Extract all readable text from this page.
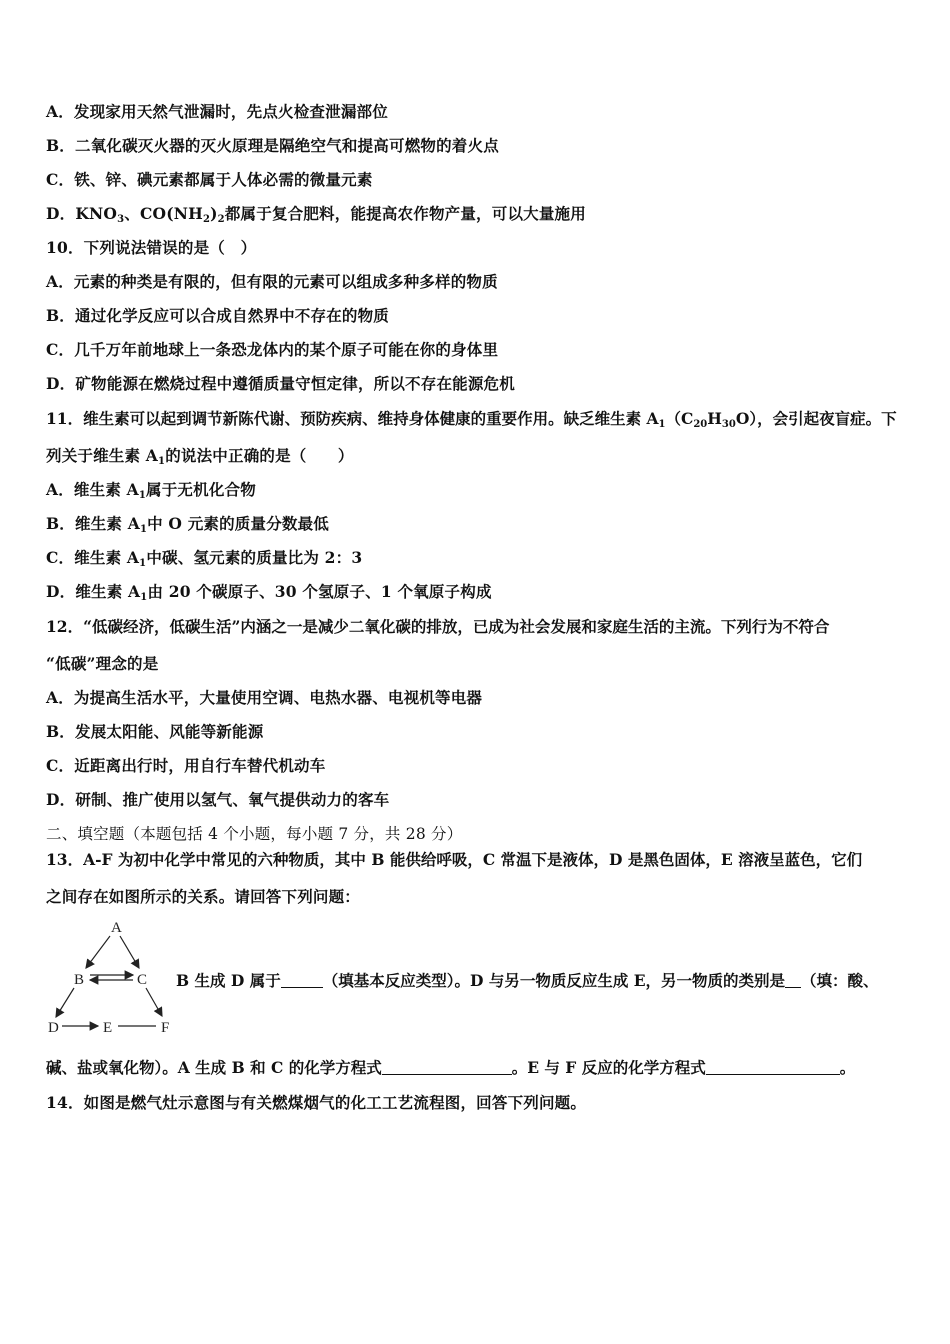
A．发现家用天然气泄漏时，先点火检查泄漏部位
B．二氧化碳灭火器的灭火原理是隔绝空气和提高可燃物的着火点
C．铁、锌、碘元素都属于人体必需的微量元素
D．$KNO_3$、$CO(NH_2)_2$都属于复合肥料，能提高农作物产量，可以大量施用
10．下列说法错误的是（　）
A．元素的种类是有限的，但有限的元素可以组成多种多样的物质
B．通过化学反应可以合成自然界中不存在的物质
C．几千万年前地球上一条恐龙体内的某个原子可能在你的身体里
D．矿物能源在燃烧过程中遵循质量守恒定律，所以不存在能源危机
11．维生素可以起到调节新陈代谢、预防疾病、维持身体健康的重要作用。缺乏维生素 $A_1(C_{20}H_{30}O)$，会引起夜盲症。下
列关于维生素 $A_1$的说法中正确的是（　　）
A．维生素 $A_1$属于无机化合物
B．维生素 $A_1$中 O 元素的质量分数最低
C．维生素 $A_1$中碳、氢元素的质量比为 2：3
D．维生素 $A_1$由 20 个碳原子、30 个氢原子、1 个氧原子构成
12．“低碳经济，低碳生活”内涵之一是减少二氧化碳的排放，已成为社会发展和家庭生活的主流。下列行为不符合
“低碳”理念的是
A．为提高生活水平，大量使用空调、电热水器、电视机等电器
B．发展太阳能、风能等新能源
C．近距离出行时，用自行车替代机动车
D．研制、推广使用以氢气、氧气提供动力的客车
二、填空题（本题包括 4 个小题，每小题 7 分，共 28 分）
13．A-F 为初中化学中常见的六种物质，其中 B 能供给呼吸，C 常温下是液体，D 是黑色固体，E 溶液呈蓝色，它们
之间存在如图所示的关系。请回答下列问题：
A
B	C
D	E	F
B 生成 D 属于	（填基本反应类型）。D 与另一物质反应生成 E，另一物质的类别是 （填：酸、
碱、盐或氧化物）。A 生成 B 和 C 的化学方程式	。E 与 F 反应的化学方程式	。
14．如图是燃气灶示意图与有关燃煤烟气的化工工艺流程图，回答下列问题。
